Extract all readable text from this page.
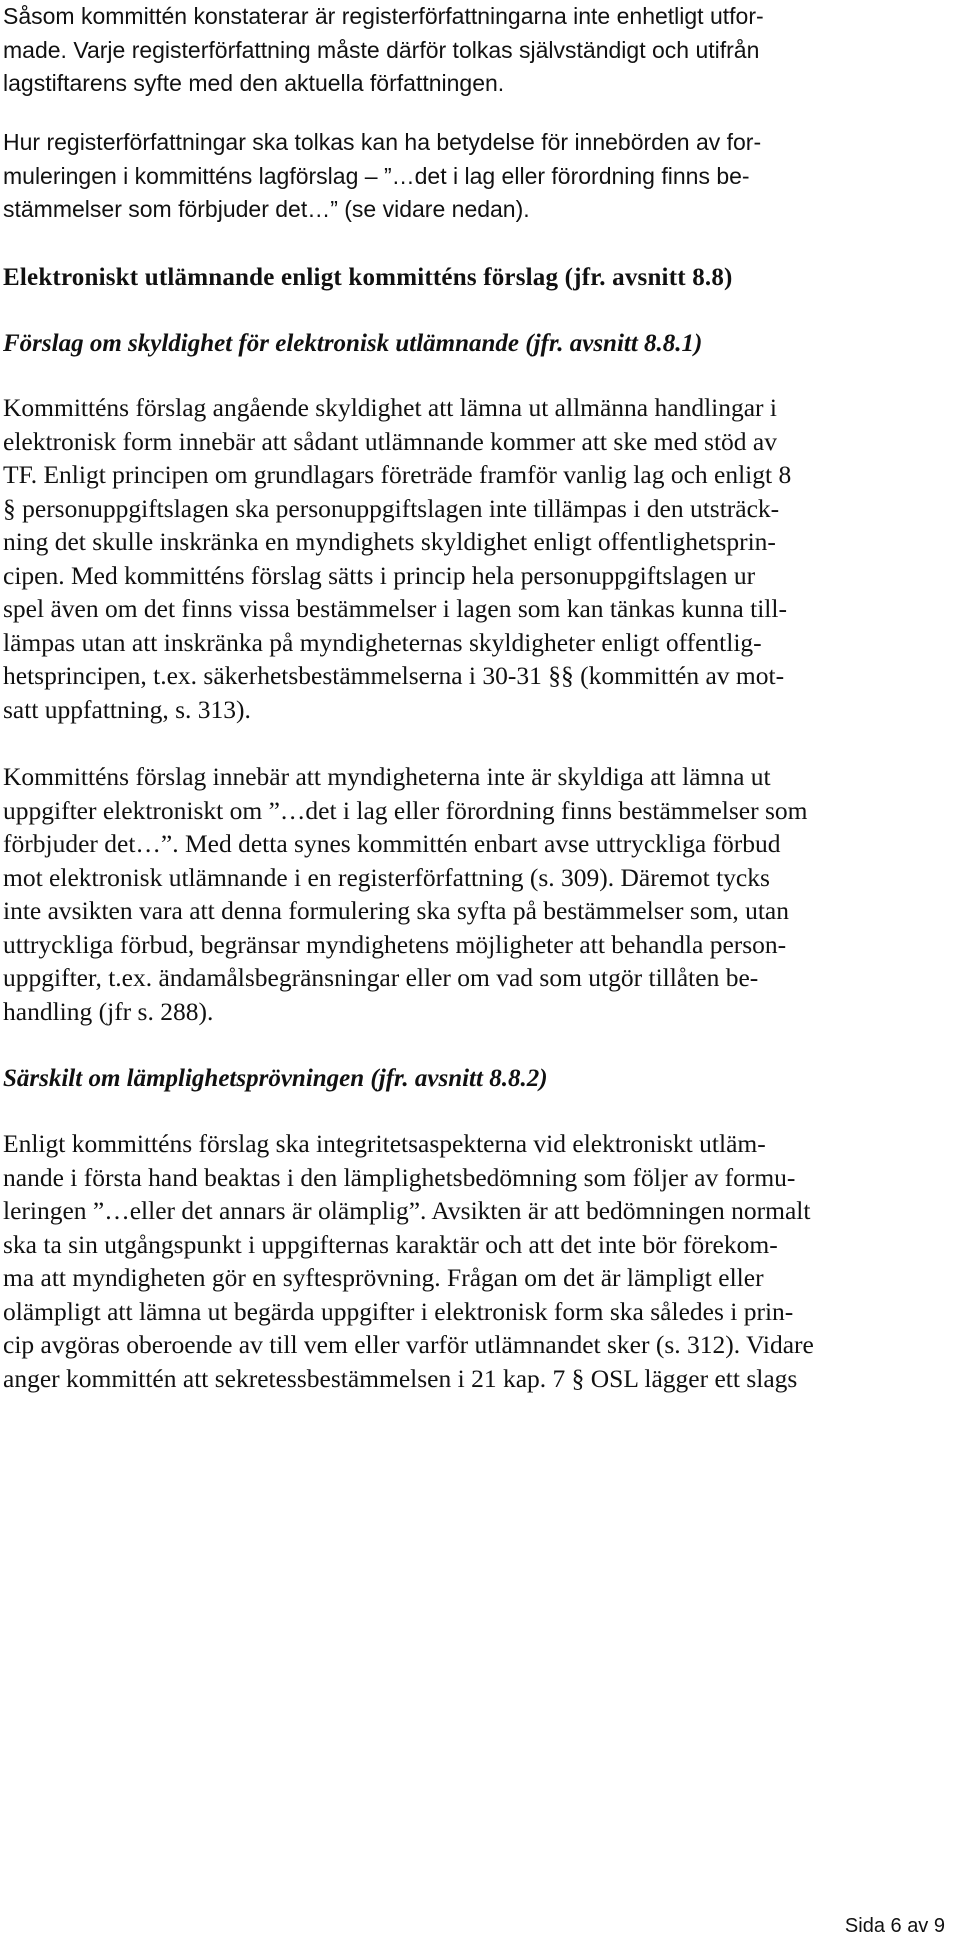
Såsom kommittén konstaterar är registerförfattningarna inte enhetligt utfor-
made. Varje registerförfattning måste därför tolkas självständigt och utifrån
lagstiftarens syfte med den aktuella författningen.
Hur registerförfattningar ska tolkas kan ha betydelse för innebörden av for-
muleringen i kommitténs lagförslag – ”…det i lag eller förordning finns be-
stämmelser som förbjuder det…” (se vidare nedan).
Elektroniskt utlämnande enligt kommitténs förslag (jfr. avsnitt 8.8)
Förslag om skyldighet för elektronisk utlämnande (jfr. avsnitt 8.8.1)
Kommitténs förslag angående skyldighet att lämna ut allmänna handlingar i
elektronisk form innebär att sådant utlämnande kommer att ske med stöd av
TF. Enligt principen om grundlagars företräde framför vanlig lag och enligt 8
§ personuppgiftslagen ska personuppgiftslagen inte tillämpas i den utsträck-
ning det skulle inskränka en myndighets skyldighet enligt offentlighetsprin-
cipen. Med kommitténs förslag sätts i princip hela personuppgiftslagen ur
spel även om det finns vissa bestämmelser i lagen som kan tänkas kunna till-
lämpas utan att inskränka på myndigheternas skyldigheter enligt offentlig-
hetsprincipen, t.ex. säkerhetsbestämmelserna i 30-31 §§ (kommittén av mot-
satt uppfattning, s. 313).
Kommitténs förslag innebär att myndigheterna inte är skyldiga att lämna ut
uppgifter elektroniskt om ”…det i lag eller förordning finns bestämmelser som
förbjuder det…”. Med detta synes kommittén enbart avse uttryckliga förbud
mot elektronisk utlämnande i en registerförfattning (s. 309). Däremot tycks
inte avsikten vara att denna formulering ska syfta på bestämmelser som, utan
uttryckliga förbud, begränsar myndighetens möjligheter att behandla person-
uppgifter, t.ex. ändamålsbegränsningar eller om vad som utgör tillåten be-
handling (jfr s. 288).
Särskilt om lämplighetsprövningen (jfr. avsnitt 8.8.2)
Enligt kommitténs förslag ska integritetsaspekterna vid elektroniskt utläm-
nande i första hand beaktas i den lämplighetsbedömning som följer av formu-
leringen ”…eller det annars är olämplig”. Avsikten är att bedömningen normalt
ska ta sin utgångspunkt i uppgifternas karaktär och att det inte bör förekom-
ma att myndigheten gör en syftesprövning. Frågan om det är lämpligt eller
olämpligt att lämna ut begärda uppgifter i elektronisk form ska således i prin-
cip avgöras oberoende av till vem eller varför utlämnandet sker (s. 312). Vidare
anger kommittén att sekretessbestämmelsen i 21 kap. 7 § OSL lägger ett slags
Sida 6 av 9
